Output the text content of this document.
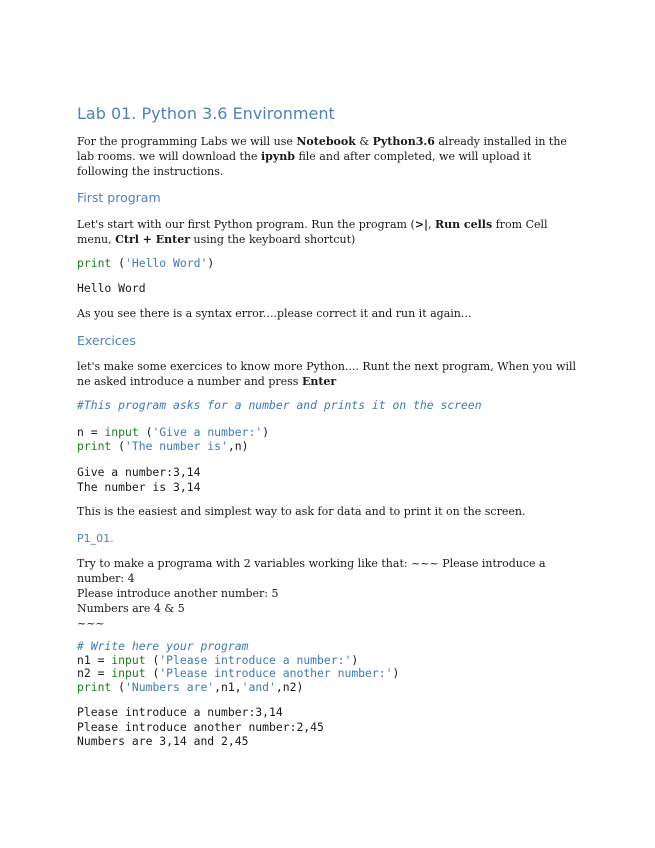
Lab 01. Python 3.6 Environment

For the programming Labs we will use Notebook & Python3.6 already installed in the lab rooms. we will download the ipynb file and after completed, we will upload it following the instructions.

First program

Let's start with our first Python program. Run the program (>|, Run cells from Cell menu, Ctrl + Enter using the keyboard shortcut)

print ('Hello Word')
Hello Word

As you see there is a syntax error....please correct it and run it again...

Exercices

let's make some exercices to know more Python.... Runt the next program, When you will ne asked introduce a number and press Enter

#This program asks for a number and prints it on the screen

n = input ('Give a number:')
print ('The number is',n)
Give a number:3,14
The number is 3,14

This is the easiest and simplest way to ask for data and to print it on the screen.

P1_01.

Try to make a programa with 2 variables working like that: ~~~ Please introduce a

number: 4

Please introduce another number: 5

Numbers are 4 & 5

~~~

# Write here your program
n1 = input ('Please introduce a number:')
n2 = input ('Please introduce another number:')
print ('Numbers are',n1,'and',n2)
Please introduce a number:3,14
Please introduce another number:2,45
Numbers are 3,14 and 2,45
